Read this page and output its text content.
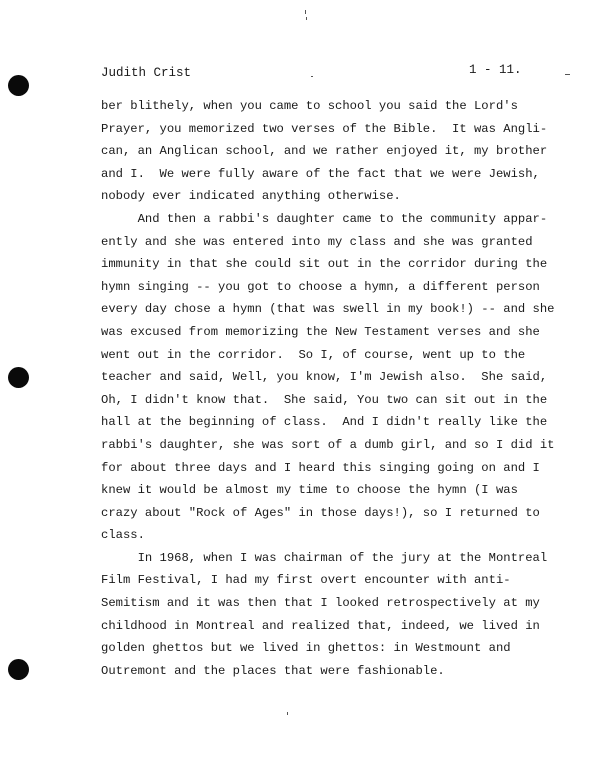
Judith Crist	1 - 11.

ber blithely, when you came to school you said the Lord's

Prayer, you memorized two verses of the Bible.  It was Angli-

can, an Anglican school, and we rather enjoyed it, my brother

and I.  We were fully aware of the fact that we were Jewish,

nobody ever indicated anything otherwise.

And then a rabbi's daughter came to the community appar-

ently and she was entered into my class and she was granted

immunity in that she could sit out in the corridor during the

hymn singing -- you got to choose a hymn, a different person

every day chose a hymn (that was swell in my book!) -- and she

was excused from memorizing the New Testament verses and she

went out in the corridor.  So I, of course, went up to the

teacher and said, Well, you know, I'm Jewish also.  She said,

Oh, I didn't know that.  She said, You two can sit out in the

hall at the beginning of class.  And I didn't really like the

rabbi's daughter, she was sort of a dumb girl, and so I did it

for about three days and I heard this singing going on and I

knew it would be almost my time to choose the hymn (I was

crazy about "Rock of Ages" in those days!), so I returned to

class.

In 1968, when I was chairman of the jury at the Montreal

Film Festival, I had my first overt encounter with anti-

Semitism and it was then that I looked retrospectively at my

childhood in Montreal and realized that, indeed, we lived in

golden ghettos but we lived in ghettos: in Westmount and

Outremont and the places that were fashionable.
